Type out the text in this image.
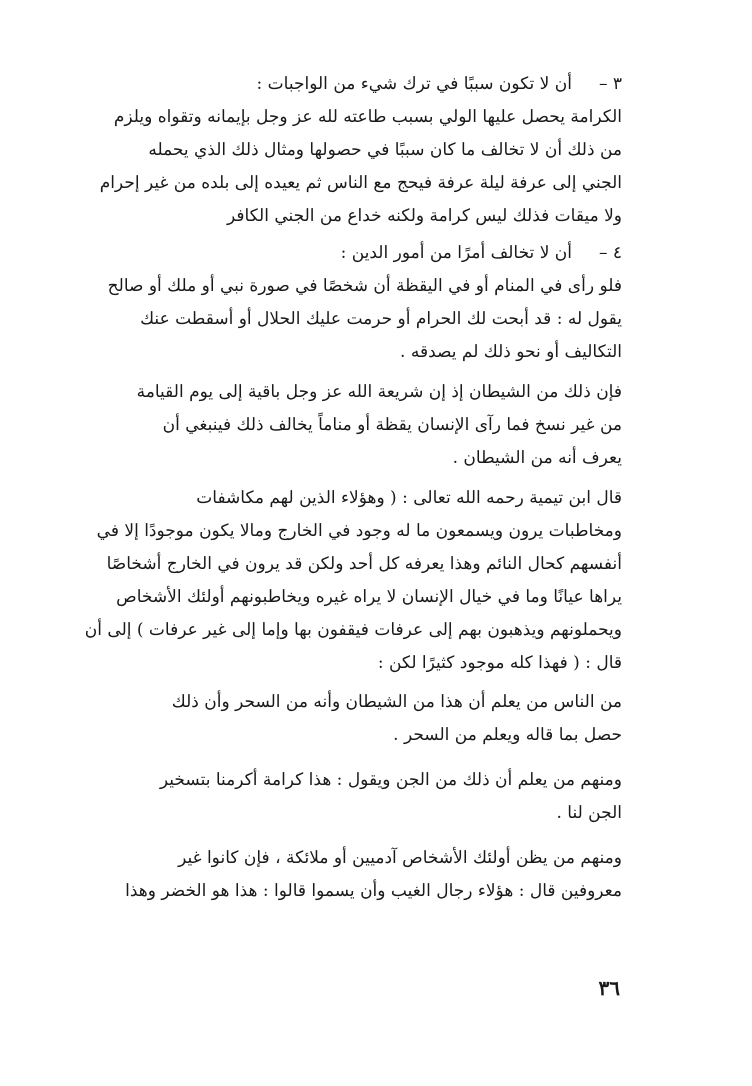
٣ –
أن لا تكون سببًا في ترك شيء من الواجبات :
الكرامة يحصل عليها الولي بسبب طاعته لله عز وجل بإيمانه وتقواه ويلزم
من ذلك أن لا تخالف ما كان سببًا في حصولها ومثال ذلك الذي يحمله
الجني إلى عرفة ليلة عرفة فيحج مع الناس ثم يعيده إلى بلده من غير إحرام
ولا ميقات فذلك ليس كرامة ولكنه خداع من الجني الكافر
٤ –
أن لا تخالف أمرًا من أمور الدين :
فلو رأى في المنام أو في اليقظة أن شخصًا في صورة نبي أو ملك أو صالح
يقول له : قد أبحت لك الحرام أو حرمت عليك الحلال أو أسقطت عنك
التكاليف أو نحو ذلك لم يصدقه .
فإن ذلك من الشيطان إذ إن شريعة الله عز وجل باقية إلى يوم القيامة
من غير نسخ فما رآى الإنسان يقظة أو مناماً يخالف ذلك فينبغي أن
يعرف أنه من الشيطان .
قال ابن تيمية رحمه الله تعالى : ( وهؤلاء الذين لهم مكاشفات
ومخاطبات يرون ويسمعون ما له وجود في الخارج ومالا يكون موجودًا إلا في
أنفسهم كحال النائم وهذا يعرفه كل أحد ولكن قد يرون في الخارج أشخاصًا
يراها عيانًا وما في خيال الإنسان لا يراه غيره ويخاطبونهم أولئك الأشخاص
ويحملونهم ويذهبون بهم إلى عرفات فيقفون بها وإما إلى غير عرفات ) إلى أن
قال : ( فهذا كله موجود كثيرًا لكن :
من الناس من يعلم أن هذا من الشيطان وأنه من السحر وأن ذلك
حصل بما قاله ويعلم من السحر .
ومنهم من يعلم أن ذلك من الجن ويقول : هذا كرامة أكرمنا بتسخير
الجن لنا .
ومنهم من يظن أولئك الأشخاص آدميين أو ملائكة ، فإن كانوا غير
معروفين قال : هؤلاء رجال الغيب وأن يسموا قالوا : هذا هو الخضر وهذا
٣٦
